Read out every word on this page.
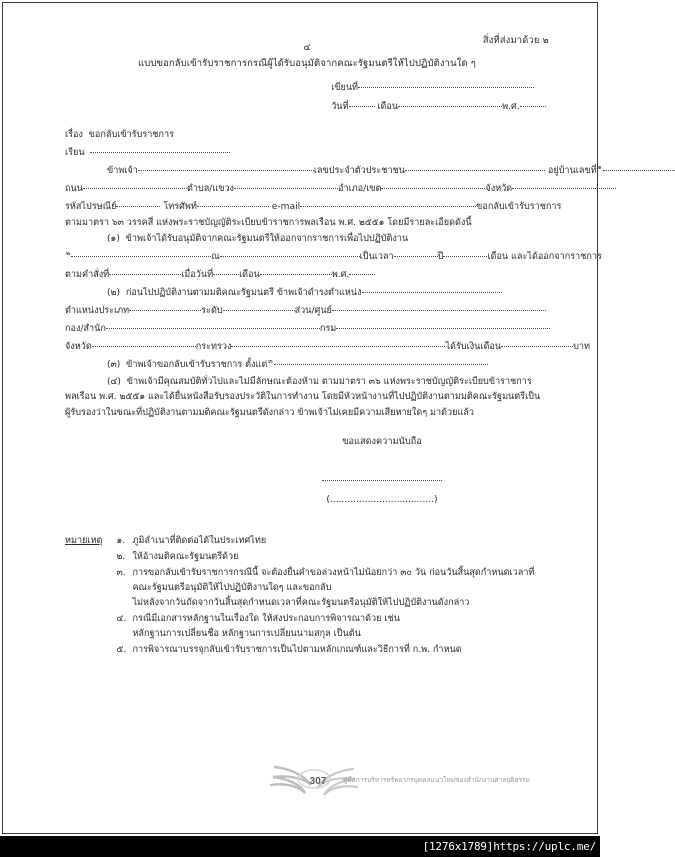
สิ่งที่ส่งมาด้วย ๒
๔
แบบขอกลับเข้ารับราชการกรณีผู้ได้รับอนุมัติจากคณะรัฐมนตรีให้ไปปฏิบัติงานใด ๆ
เขียนที่
วันที่	เดือน	พ.ศ.
เรื่อง ขอกลับเข้ารับราชการ
เรียน
ข้าพเจ้า	เลขประจำตัวประชาชน	อยู่บ้านเลขที่$^๑$
ถนน	ตำบล/แขวง	อำเภอ/เขต	จังหวัด
รหัสไปรษณีย์	โทรศัพท์	e-mail	ขอกลับเข้ารับราชการ
ตามมาตรา ๖๓ วรรคสี่ แห่งพระราชบัญญัติระเบียบข้าราชการพลเรือน พ.ศ. ๒๕๕๑ โดยมีรายละเอียดดังนี้
(๑) ข้าพเจ้าได้รับอนุมัติจากคณะรัฐมนตรีให้ออกจากราชการเพื่อไปปฏิบัติงาน
$^๒$	ณ	เป็นเวลา	ปี	เดือน และได้ออกจากราชการ
ตามคำสั่งที่	เมื่อวันที่	เดือน	พ.ศ.
(๒) ก่อนไปปฏิบัติงานตามมติคณะรัฐมนตรี ข้าพเจ้าดำรงตำแหน่ง
ตำแหน่งประเภท	ระดับ	ส่วน/ศูนย์
กอง/สำนัก	กรม
จังหวัด	กระทรวง	ได้รับเงินเดือน	บาท
(๓) ข้าพเจ้าขอกลับเข้ารับราชการ ตั้งแต่$^๓$
(๔) ข้าพเจ้ามีคุณสมบัติทั่วไปและไม่มีลักษณะต้องห้าม ตามมาตรา ๓๖ แห่งพระราชบัญญัติระเบียบข้าราชการพลเรือน พ.ศ. ๒๕๕๑ และได้ยื่นหนังสือรับรองประวัติในการทำงาน โดยมีหัวหน้างานที่ไปปฏิบัติงานตามมติคณะรัฐมนตรีเป็นผู้รับรองว่าในขณะที่ปฏิบัติงานตามมติคณะรัฐมนตรีดังกล่าว ข้าพเจ้าไม่เคยมีความเสียหายใดๆ มาด้วยแล้ว
ขอแสดงความนับถือ
(....................................)
หมายเหตุ	๑. ภูมิลำเนาที่ติดต่อได้ในประเทศไทย
๒. ให้อ้างมติคณะรัฐมนตรีด้วย
๓. การขอกลับเข้ารับราชการกรณีนี้ จะต้องยื่นคำขอล่วงหน้าไม่น้อยกว่า ๓๐ วัน ก่อนวันสิ้นสุดกำหนดเวลาที่คณะรัฐมนตรีอนุมัติให้ไปปฏิบัติงานใดๆ และขอกลับ
ไม่หลังจากวันถัดจากวันสิ้นสุดกำหนดเวลาที่คณะรัฐมนตรีอนุมัติให้ไปปฏิบัติงานดังกล่าว
๔. กรณีมีเอกสารหลักฐานในเรื่องใด ให้ส่งประกอบการพิจารณาด้วย เช่น
หลักฐานการเปลี่ยนชื่อ หลักฐานการเปลี่ยนนามสกุล เป็นต้น
๕. การพิจารณาบรรจุกลับเข้ารับราชการเป็นไปตามหลักเกณฑ์และวิธีการที่ ก.พ. กำหนด
307	คู่มือการบริหารทรัพยากรบุคคลแนวใหม่ของสำนักงานศาลยุติธรรม
[1276x1789] https://uplc.me/
